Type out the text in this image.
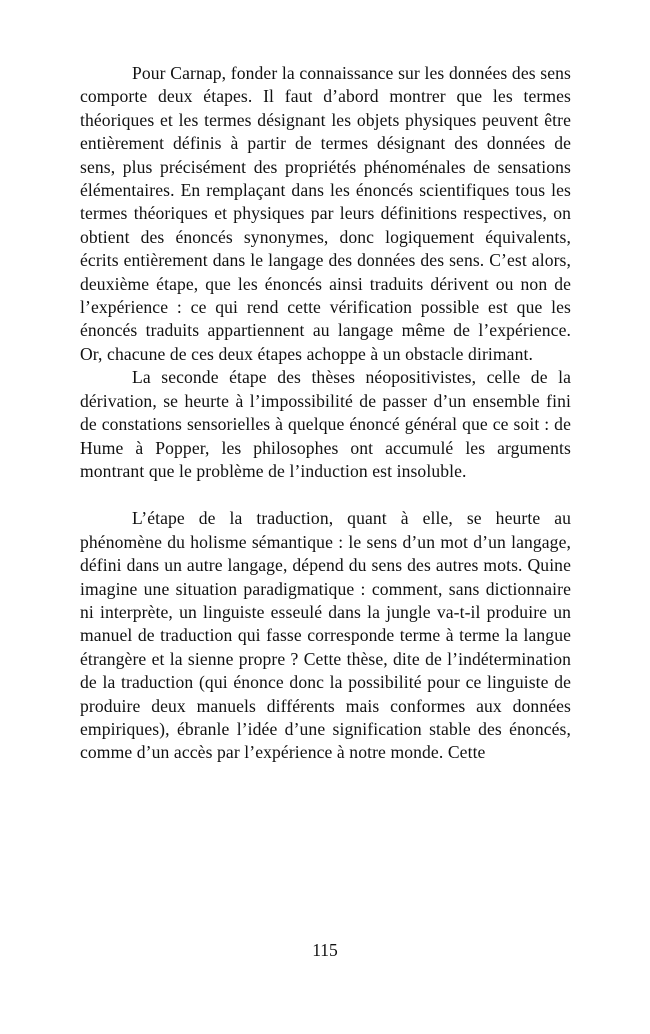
Pour Carnap, fonder la connaissance sur les données des sens comporte deux étapes. Il faut d’abord montrer que les termes théoriques et les termes désignant les objets physiques peuvent être entièrement définis à partir de termes désignant des données de sens, plus précisément des propriétés phénoménales de sensations élémentaires. En remplaçant dans les énoncés scientifiques tous les termes théoriques et physiques par leurs définitions respectives, on obtient des énoncés synonymes, donc logiquement équivalents, écrits entièrement dans le langage des données des sens. C’est alors, deuxième étape, que les énoncés ainsi traduits dérivent ou non de l’expérience : ce qui rend cette vérification possible est que les énoncés traduits appartiennent au langage même de l’expérience. Or, chacune de ces deux étapes achoppe à un obstacle dirimant.

La seconde étape des thèses néopositivistes, celle de la dérivation, se heurte à l’impossibilité de passer d’un ensemble fini de constations sensorielles à quelque énoncé général que ce soit : de Hume à Popper, les philosophes ont accumulé les arguments montrant que le problème de l’induction est insoluble.

L’étape de la traduction, quant à elle, se heurte au phénomène du holisme sémantique : le sens d’un mot d’un langage, défini dans un autre langage, dépend du sens des autres mots. Quine imagine une situation paradigmatique : comment, sans dictionnaire ni interprète, un linguiste esseulé dans la jungle va-t-il produire un manuel de traduction qui fasse corresponde terme à terme la langue étrangère et la sienne propre ? Cette thèse, dite de l’indétermination de la traduction (qui énonce donc la possibilité pour ce linguiste de produire deux manuels différents mais conformes aux données empiriques), ébranle l’idée d’une signification stable des énoncés, comme d’un accès par l’expérience à notre monde. Cette

115
